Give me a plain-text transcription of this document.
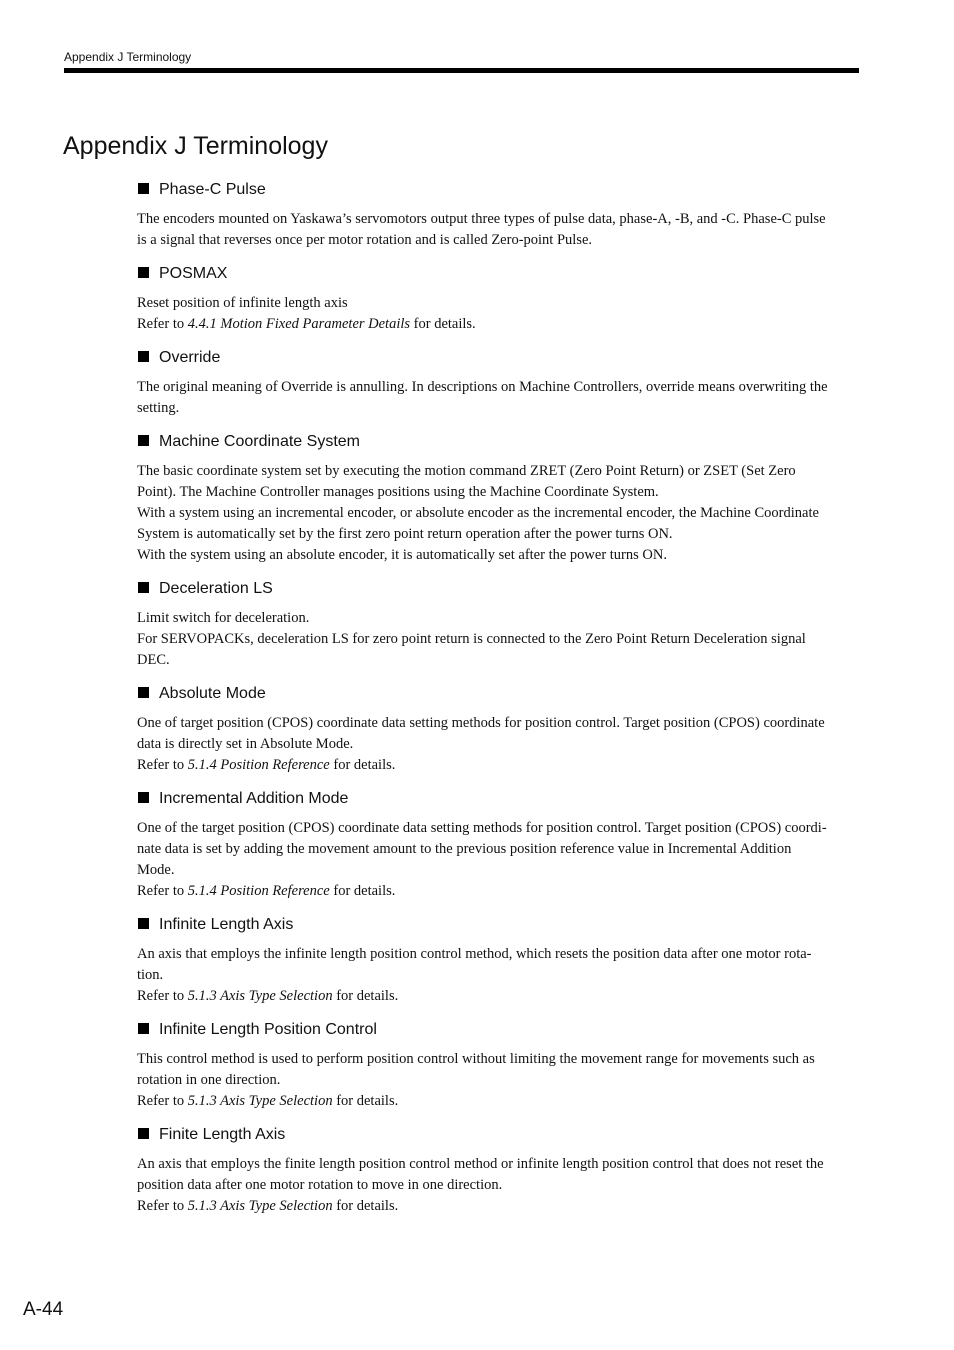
Appendix J Terminology
Appendix J Terminology
Phase-C Pulse
The encoders mounted on Yaskawa’s servomotors output three types of pulse data, phase-A, -B, and -C. Phase-C pulse
is a signal that reverses once per motor rotation and is called Zero-point Pulse.
POSMAX
Reset position of infinite length axis
Refer to 4.4.1 Motion Fixed Parameter Details for details.
Override
The original meaning of Override is annulling. In descriptions on Machine Controllers, override means overwriting the
setting.
Machine Coordinate System
The basic coordinate system set by executing the motion command ZRET (Zero Point Return) or ZSET (Set Zero
Point). The Machine Controller manages positions using the Machine Coordinate System.
With a system using an incremental encoder, or absolute encoder as the incremental encoder, the Machine Coordinate
System is automatically set by the first zero point return operation after the power turns ON.
With the system using an absolute encoder, it is automatically set after the power turns ON.
Deceleration LS
Limit switch for deceleration.
For SERVOPACKs, deceleration LS for zero point return is connected to the Zero Point Return Deceleration signal
DEC.
Absolute Mode
One of target position (CPOS) coordinate data setting methods for position control. Target position (CPOS) coordinate
data is directly set in Absolute Mode.
Refer to 5.1.4 Position Reference for details.
Incremental Addition Mode
One of the target position (CPOS) coordinate data setting methods for position control. Target position (CPOS) coordi-
nate data is set by adding the movement amount to the previous position reference value in Incremental Addition
Mode.
Refer to 5.1.4 Position Reference for details.
Infinite Length Axis
An axis that employs the infinite length position control method, which resets the position data after one motor rota-
tion.
Refer to 5.1.3 Axis Type Selection for details.
Infinite Length Position Control
This control method is used to perform position control without limiting the movement range for movements such as
rotation in one direction.
Refer to 5.1.3 Axis Type Selection for details.
Finite Length Axis
An axis that employs the finite length position control method or infinite length position control that does not reset the
position data after one motor rotation to move in one direction.
Refer to 5.1.3 Axis Type Selection for details.
A-44
